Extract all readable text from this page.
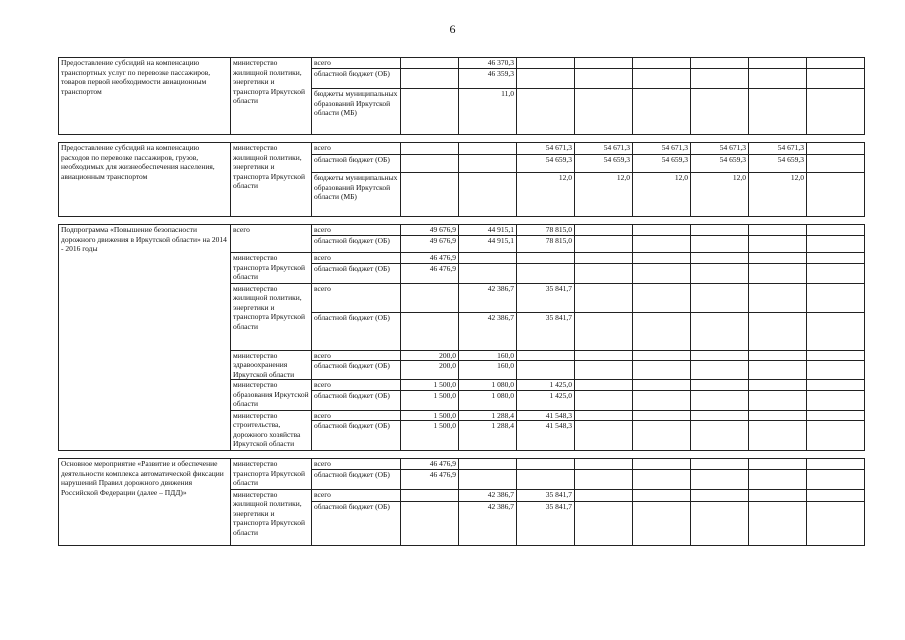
6
Предоставление субсидий на компенсацию транспортных услуг по перевозке пассажиров, товаров первой необходимости авиационным транспортом	министерство жилищной политики, энергетики и транспорта Иркутской области	всего		46 370,3						
		областной бюджет (ОБ)		46 359,3						
		бюджеты муниципальных образований Иркутской области (МБ)		11,0						

Предоставление субсидий на компенсацию расходов по перевозке пассажиров, грузов, необходимых для жизнеобеспечения населения, авиационным транспортом	министерство жилищной политики, энергетики и транспорта Иркутской области	всего			54 671,3	54 671,3	54 671,3	54 671,3	54 671,3	
		областной бюджет (ОБ)			54 659,3	54 659,3	54 659,3	54 659,3	54 659,3	
		бюджеты муниципальных образований Иркутской области (МБ)			12,0	12,0	12,0	12,0	12,0	

Подпрограмма «Повышение безопасности дорожного движения в Иркутской области» на 2014 - 2016 годы	всего	всего	49 676,9	44 915,1	78 815,0					
		областной бюджет (ОБ)	49 676,9	44 915,1	78 815,0					
	министерство транспорта Иркутской области	всего	46 476,9							
		областной бюджет (ОБ)	46 476,9							
	министерство жилищной политики, энергетики и транспорта Иркутской области	всего		42 386,7	35 841,7					
		областной бюджет (ОБ)		42 386,7	35 841,7					
	министерство здравоохранения Иркутской области	всего	200,0	160,0						
		областной бюджет (ОБ)	200,0	160,0						
	министерство образования Иркутской области	всего	1 500,0	1 080,0	1 425,0					
		областной бюджет (ОБ)	1 500,0	1 080,0	1 425,0					
	министерство строительства, дорожного хозяйства Иркутской области	всего	1 500,0	1 288,4	41 548,3					
		областной бюджет (ОБ)	1 500,0	1 288,4	41 548,3					

Основное мероприятие «Развитие и обеспечение деятельности комплекса автоматической фиксации нарушений Правил дорожного движения Российской Федерации (далее – ПДД)»	министерство транспорта Иркутской области	всего	46 476,9							
		областной бюджет (ОБ)	46 476,9							
	министерство жилищной политики, энергетики и транспорта Иркутской области	всего		42 386,7	35 841,7					
		областной бюджет (ОБ)		42 386,7	35 841,7					
